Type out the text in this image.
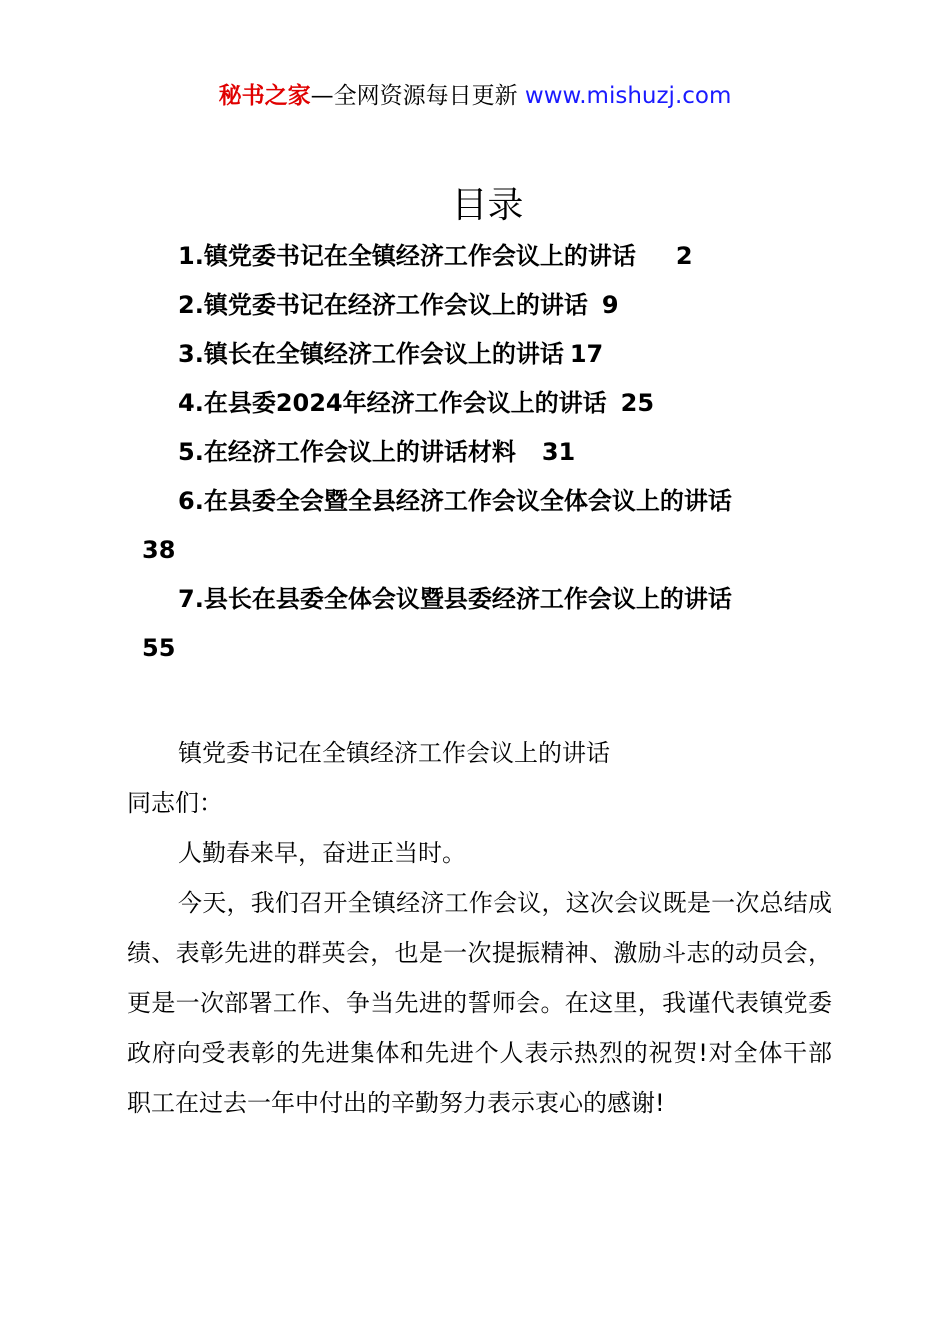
秘书之家—全网资源每日更新 www.mishuzj.com
目录
1.镇党委书记在全镇经济工作会议上的讲话 2
2.镇党委书记在经济工作会议上的讲话 9
3.镇长在全镇经济工作会议上的讲话 17
4.在县委2024年经济工作会议上的讲话 25
5.在经济工作会议上的讲话材料 31
6.在县委全会暨全县经济工作会议全体会议上的讲话
38
7.县长在县委全体会议暨县委经济工作会议上的讲话
55

镇党委书记在全镇经济工作会议上的讲话

同志们：

人勤春来早，奋进正当时。

今天，我们召开全镇经济工作会议，这次会议既是一次总结成绩、表彰先进的群英会，也是一次提振精神、激励斗志的动员会，更是一次部署工作、争当先进的誓师会。在这里，我谨代表镇党委政府向受表彰的先进集体和先进个人表示热烈的祝贺!对全体干部职工在过去一年中付出的辛勤努力表示衷心的感谢!
